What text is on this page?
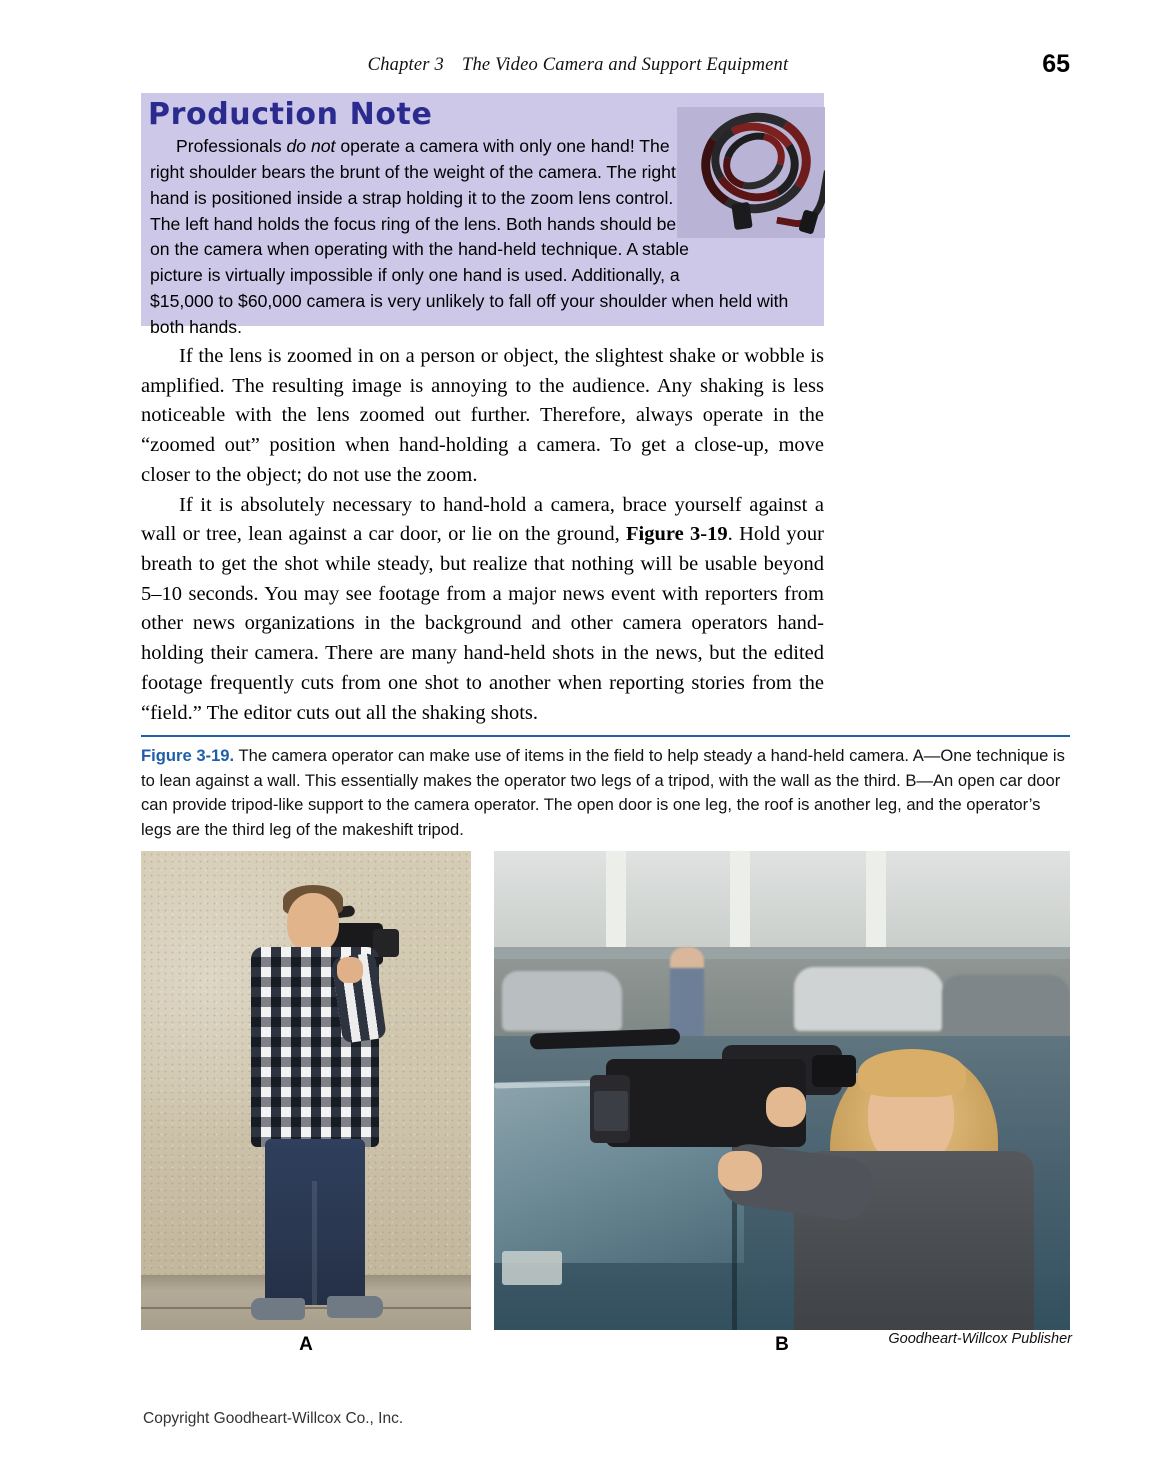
Chapter 3 The Video Camera and Support Equipment	65
Production Note
Professionals do not operate a camera with only one hand! The right shoulder bears the brunt of the weight of the camera. The right hand is positioned inside a strap holding it to the zoom lens control. The left hand holds the focus ring of the lens. Both hands should be on the camera when operating with the hand-held technique. A stable picture is virtually impossible if only one hand is used. Additionally, a $15,000 to $60,000 camera is very unlikely to fall off your shoulder when held with both hands.

If the lens is zoomed in on a person or object, the slightest shake or wobble is amplified. The resulting image is annoying to the audience. Any shaking is less noticeable with the lens zoomed out further. Therefore, always operate in the “zoomed out” position when hand-holding a camera. To get a close-up, move closer to the object; do not use the zoom.

If it is absolutely necessary to hand-hold a camera, brace yourself against a wall or tree, lean against a car door, or lie on the ground, Figure 3-19. Hold your breath to get the shot while steady, but realize that nothing will be usable beyond 5–10 seconds. You may see footage from a major news event with reporters from other news organizations in the background and other camera operators hand-holding their camera. There are many hand-held shots in the news, but the edited footage frequently cuts from one shot to another when reporting stories from the “field.” The editor cuts out all the shaking shots.

Figure 3-19. The camera operator can make use of items in the field to help steady a hand-held camera. A—One technique is to lean against a wall. This essentially makes the operator two legs of a tripod, with the wall as the third. B—An open car door can provide tripod-like support to the camera operator. The open door is one leg, the roof is another leg, and the operator’s legs are the third leg of the makeshift tripod.
A	B	Goodheart-Willcox Publisher
Copyright Goodheart-Willcox Co., Inc.
